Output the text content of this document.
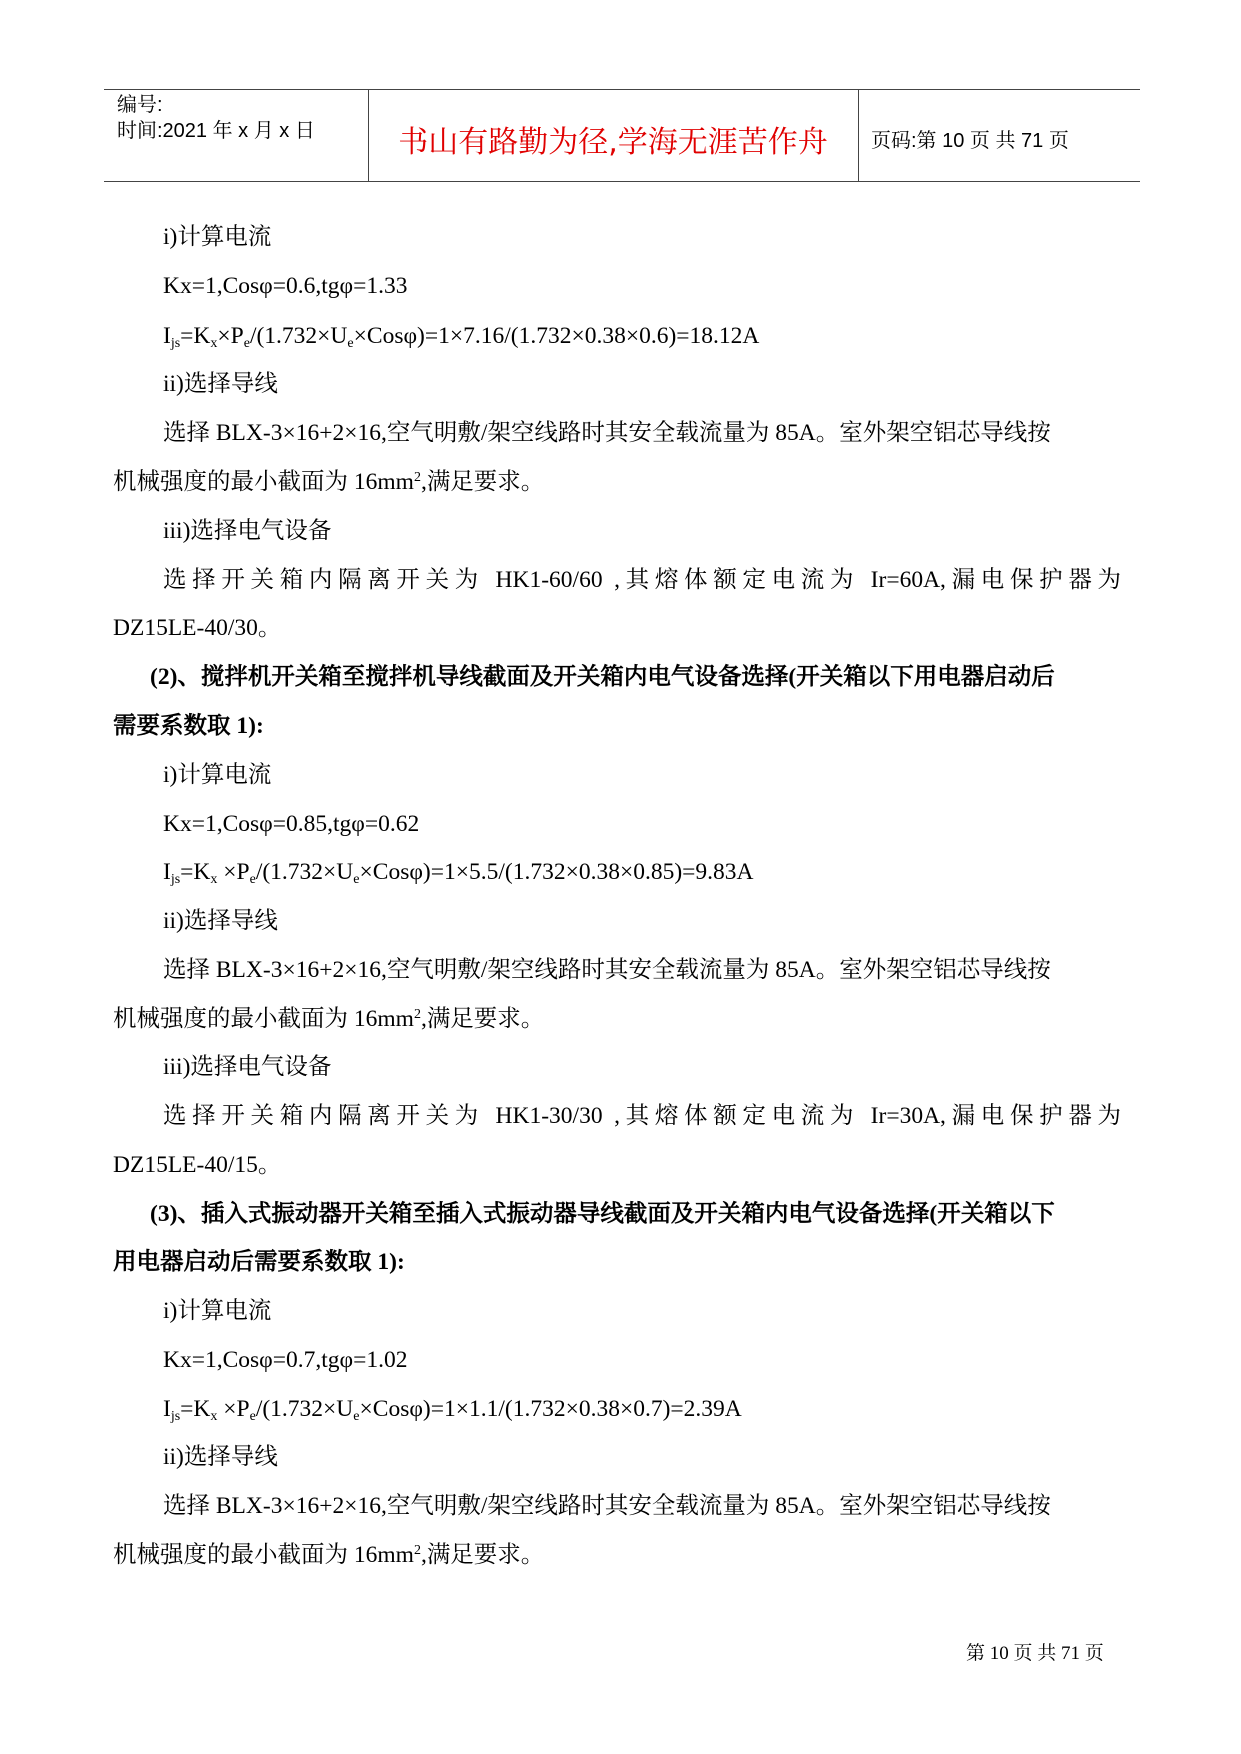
编号:
时间:2021 年 x 月 x 日	书山有路勤为径,学海无涯苦作舟	页码:第 10 页 共 71 页
i)计算电流
Kx=1,Cosφ=0.6,tgφ=1.33
$I_{js}=K_x\times P_e/(1.732\times U_e\times Cos\varphi)=1\times 7.16/(1.732\times 0.38\times 0.6)=18.12A$
ii)选择导线
选择 BLX-3×16+2×16,空气明敷/架空线路时其安全载流量为 85A。室外架空铝芯导线按
机械强度的最小截面为 $16mm^2$,满足要求。
iii)选择电气设备
选择开关箱内隔离开关为 HK1-60/60 ,其熔体额定电流为 Ir=60A,漏电保护器为
DZ15LE-40/30。
(2)、搅拌机开关箱至搅拌机导线截面及开关箱内电气设备选择(开关箱以下用电器启动后
需要系数取 1):
i)计算电流
Kx=1,Cosφ=0.85,tgφ=0.62
$I_{js}=K_x \times P_e/(1.732\times U_e\times Cos\varphi)=1\times 5.5/(1.732\times 0.38\times 0.85)=9.83A$
ii)选择导线
选择 BLX-3×16+2×16,空气明敷/架空线路时其安全载流量为 85A。室外架空铝芯导线按
机械强度的最小截面为 $16mm^2$,满足要求。
iii)选择电气设备
选择开关箱内隔离开关为 HK1-30/30 ,其熔体额定电流为 Ir=30A,漏电保护器为
DZ15LE-40/15。
(3)、插入式振动器开关箱至插入式振动器导线截面及开关箱内电气设备选择(开关箱以下
用电器启动后需要系数取 1):
i)计算电流
Kx=1,Cosφ=0.7,tgφ=1.02
$I_{js}=K_x \times P_e/(1.732\times U_e\times Cos\varphi)=1\times 1.1/(1.732\times 0.38\times 0.7)=2.39A$
ii)选择导线
选择 BLX-3×16+2×16,空气明敷/架空线路时其安全载流量为 85A。室外架空铝芯导线按
机械强度的最小截面为 $16mm^2$,满足要求。
第 10 页 共 71 页
